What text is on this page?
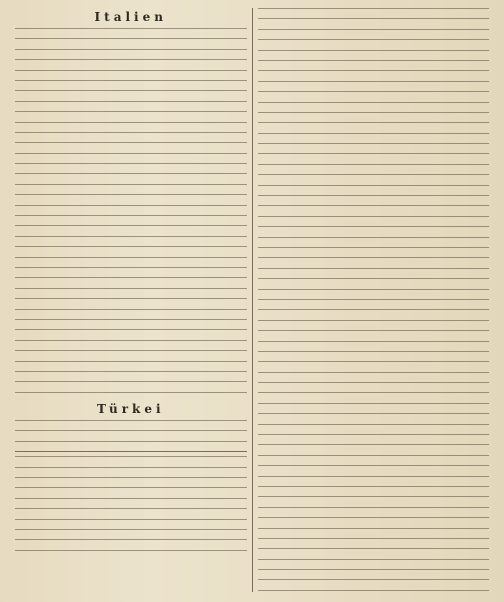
Italien
Türkei
